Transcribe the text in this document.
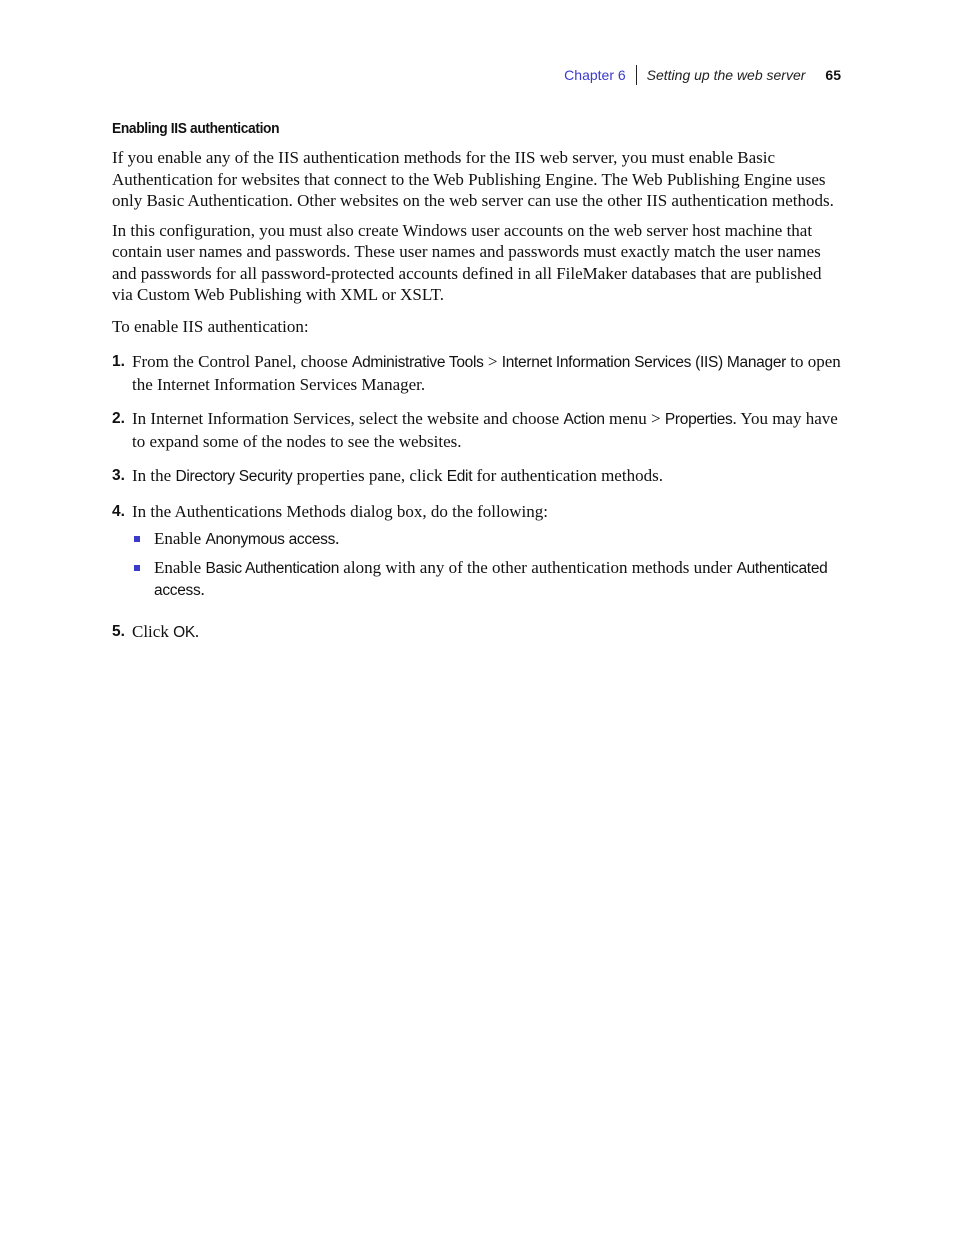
Chapter 6 Setting up the web server 65
Enabling IIS authentication

If you enable any of the IIS authentication methods for the IIS web server, you must enable Basic Authentication for websites that connect to the Web Publishing Engine. The Web Publishing Engine uses only Basic Authentication. Other websites on the web server can use the other IIS authentication methods.

In this configuration, you must also create Windows user accounts on the web server host machine that contain user names and passwords. These user names and passwords must exactly match the user names and passwords for all password-protected accounts defined in all FileMaker databases that are published via Custom Web Publishing with XML or XSLT.

To enable IIS authentication:

1. From the Control Panel, choose Administrative Tools > Internet Information Services (IIS) Manager to open the Internet Information Services Manager.
2. In Internet Information Services, select the website and choose Action menu > Properties. You may have to expand some of the nodes to see the websites.
3. In the Directory Security properties pane, click Edit for authentication methods.
4. In the Authentications Methods dialog box, do the following:
Enable Anonymous access.
Enable Basic Authentication along with any of the other authentication methods under Authenticated access.
5. Click OK.
